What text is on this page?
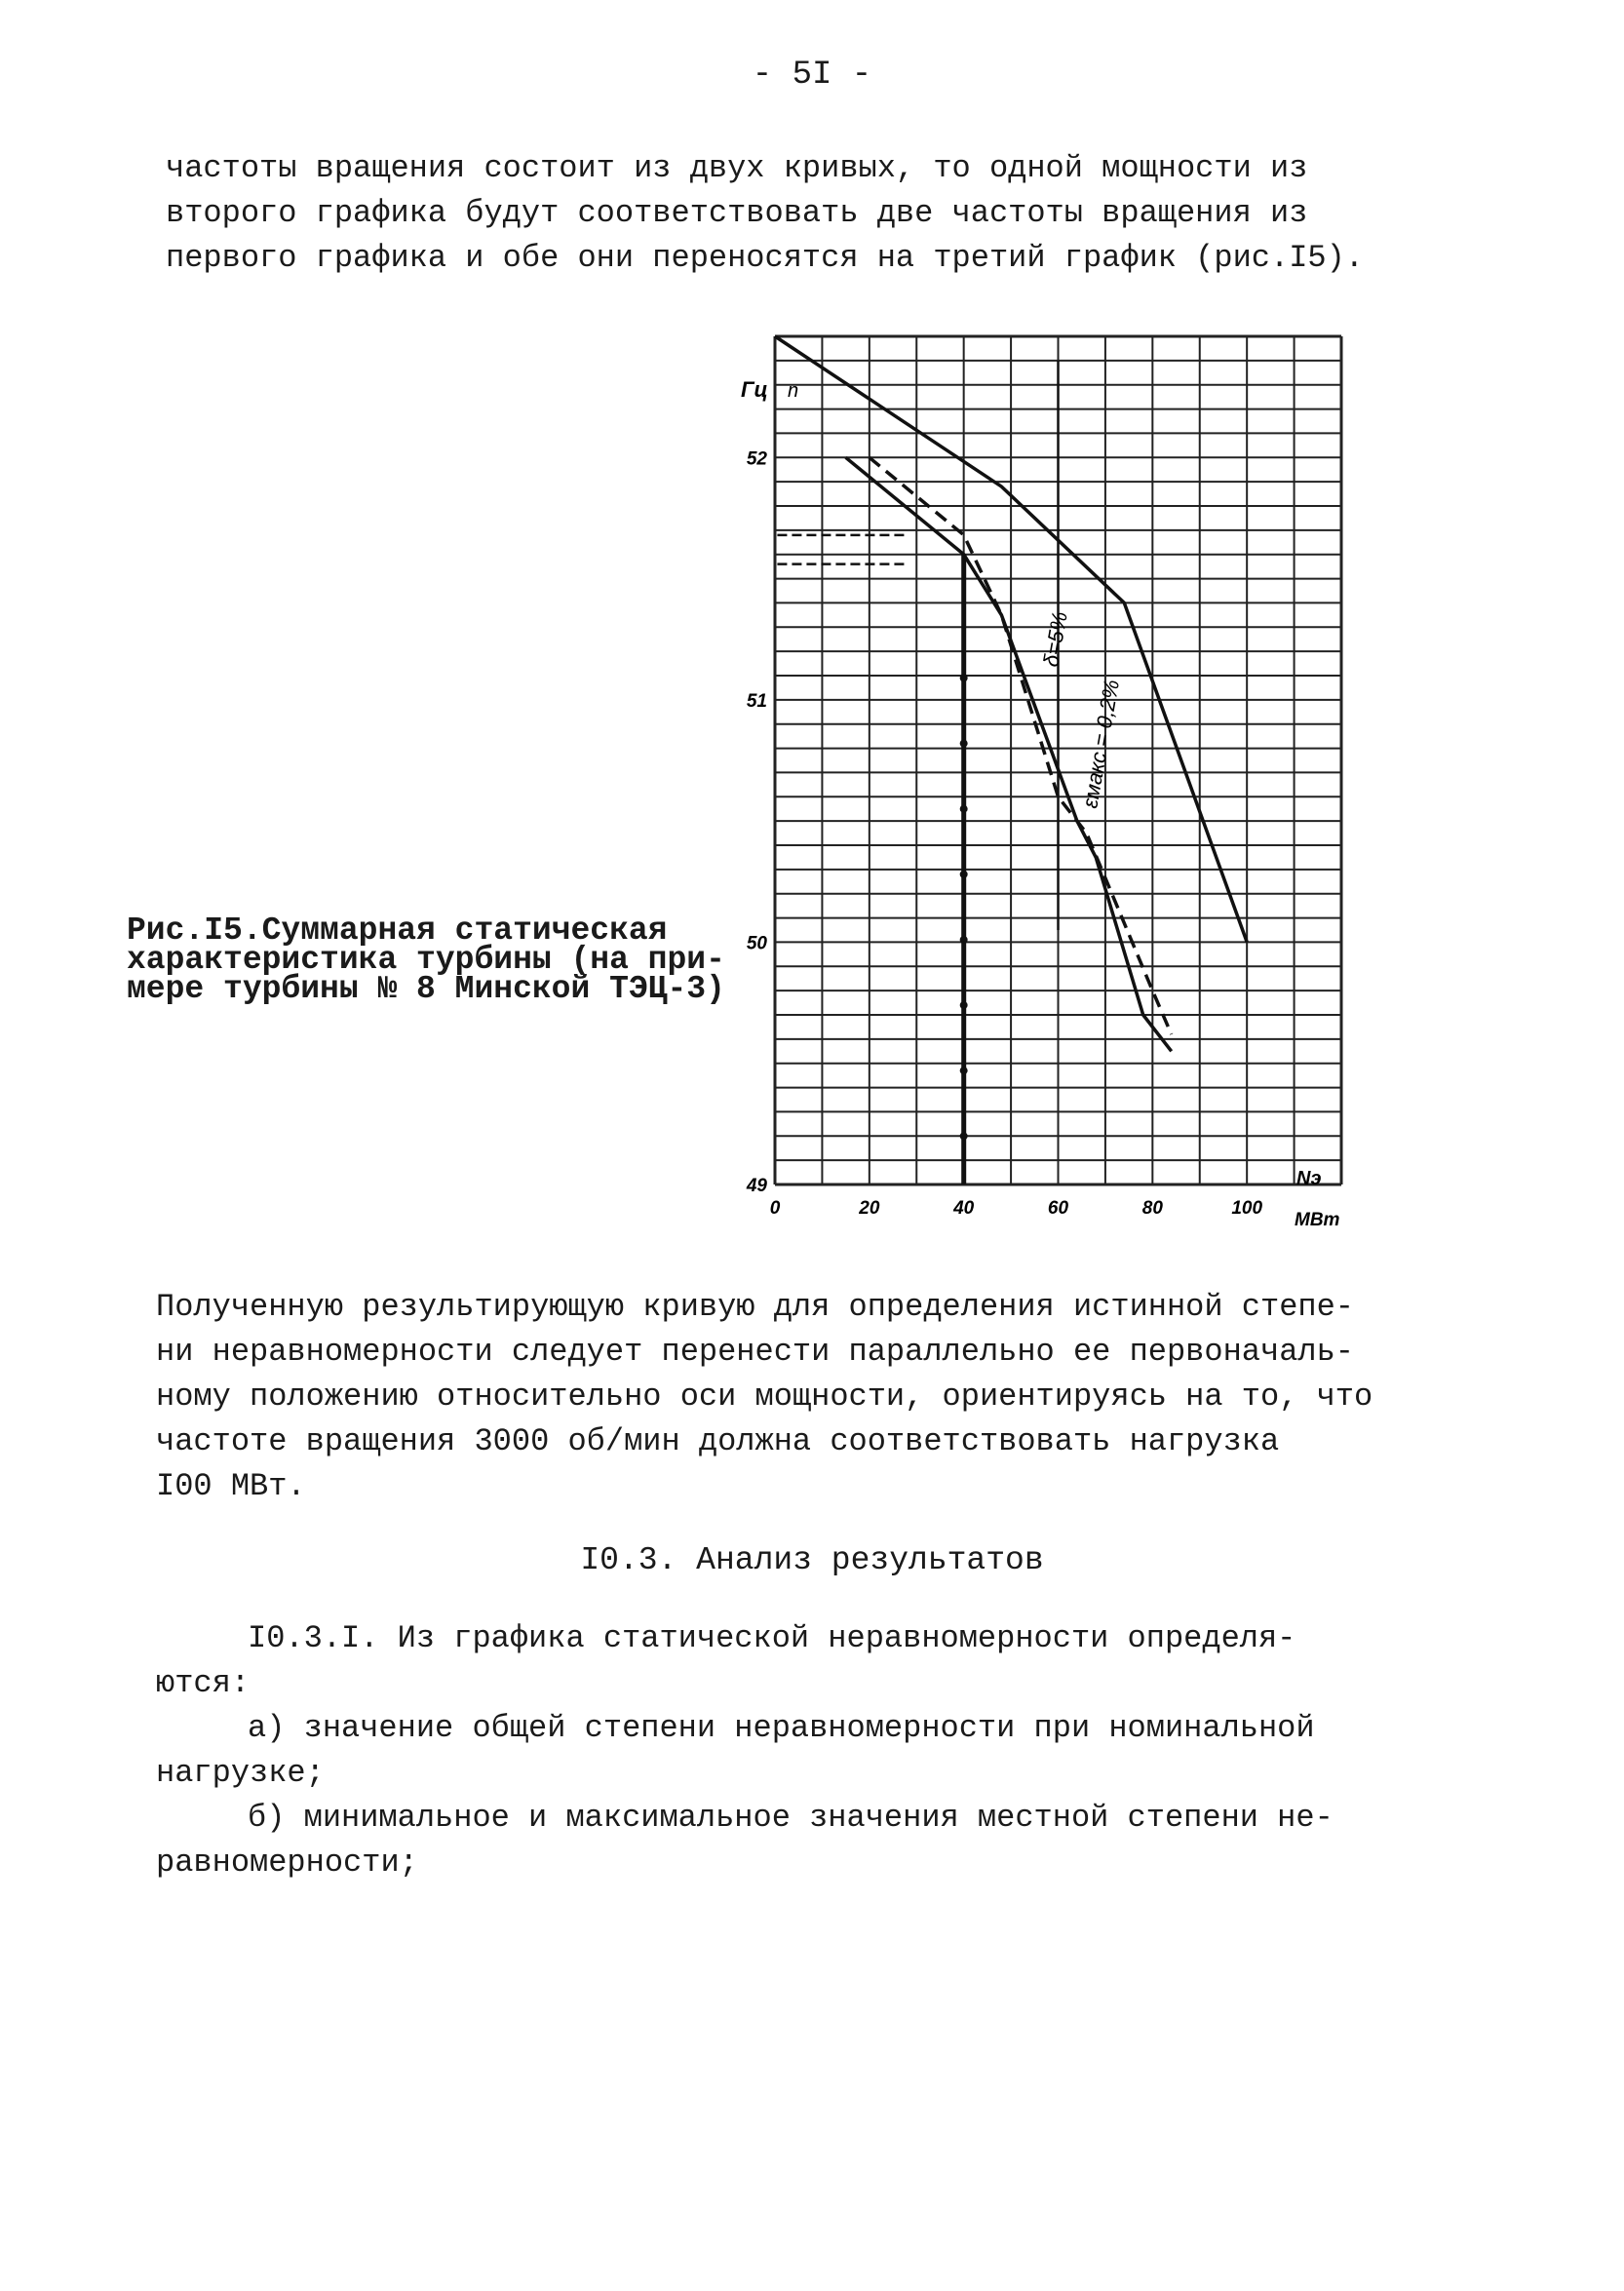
- 5I -

частоты вращения состоит из двух кривых, то одной мощности из
второго графика будут соответствовать две частоты вращения из
первого графика и обе они переносятся на третий график (рис.I5).

0	20	40	60	80	100
49
50
51
52
Гц n
Nэ
МВт
δ=5%
εмакс = 0,2%
Рис.I5.Суммарная статическая
характеристика турбины (на при-
мере турбины № 8 Минской ТЭЦ-3)

Полученную результирующую кривую для определения истинной степе-
ни неравномерности следует перенести параллельно ее первоначаль-
ному положению относительно оси мощности, ориентируясь на то, что
частоте вращения 3000 об/мин должна соответствовать нагрузка
I00 МВт.

I0.3. Анализ результатов

I0.3.I. Из графика статической неравномерности определя-
ются:

а) значение общей степени неравномерности при номинальной
нагрузке;

б) минимальное и максимальное значения местной степени не-
равномерности;
